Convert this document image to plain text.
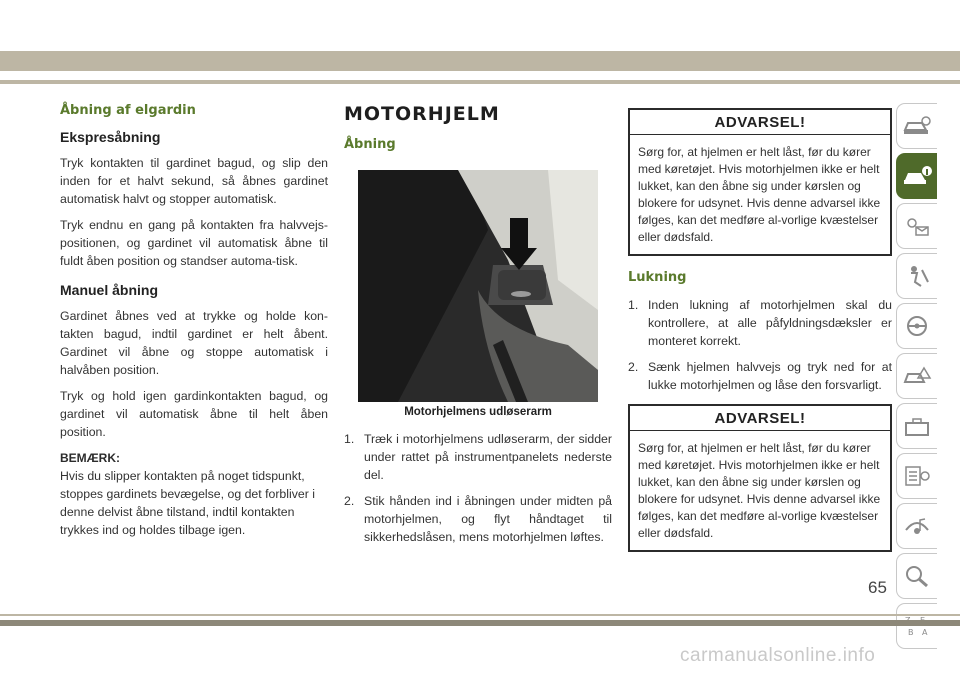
Åbning af elgardin
Ekspresåbning

Tryk kontakten til gardinet bagud, og slip den inden for et halvt sekund, så åbnes gardinet automatisk halvt og stopper automatisk.

Tryk endnu en gang på kontakten fra halvvejs-positionen, og gardinet vil automatisk åbne til fuldt åben position og standser automa-tisk.

Manuel åbning

Gardinet åbnes ved at trykke og holde kon-takten bagud, indtil gardinet er helt åbent. Gardinet vil åbne og stoppe automatisk i halvåben position.

Tryk og hold igen gardinkontakten bagud, og gardinet vil automatisk åbne til helt åben position.

BEMÆRK:

Hvis du slipper kontakten på noget tidspunkt, stoppes gardinets bevægelse, og det forbliver i denne delvist åbne tilstand, indtil kontakten trykkes ind og holdes tilbage igen.

MOTORHJELM
Åbning
Motorhjelmens udløserarm
1. Træk i motorhjelmens udløserarm, der sidder under rattet på instrumentpanelets nederste del.
2. Stik hånden ind i åbningen under midten på motorhjelmen, og flyt håndtaget til sikkerhedslåsen, mens motorhjelmen løftes.
ADVARSEL!
Sørg for, at hjelmen er helt låst, før du kører med køretøjet. Hvis motorhjelmen ikke er helt lukket, kan den åbne sig under kørslen og blokere for udsynet. Hvis denne advarsel ikke følges, kan det medføre al-vorlige kvæstelser eller dødsfald.
Lukning
1. Inden lukning af motorhjelmen skal du kontrollere, at alle påfyldningsdæksler er monteret korrekt.
2. Sænk hjelmen halvvejs og tryk ned for at lukke motorhjelmen og låse den forsvarligt.
ADVARSEL!
Sørg for, at hjelmen er helt låst, før du kører med køretøjet. Hvis motorhjelmen ikke er helt lukket, kan den åbne sig under kørslen og blokere for udsynet. Hvis denne advarsel ikke følges, kan det medføre al-vorlige kvæstelser eller dødsfald.
B A
65
carmanualsonline.info
